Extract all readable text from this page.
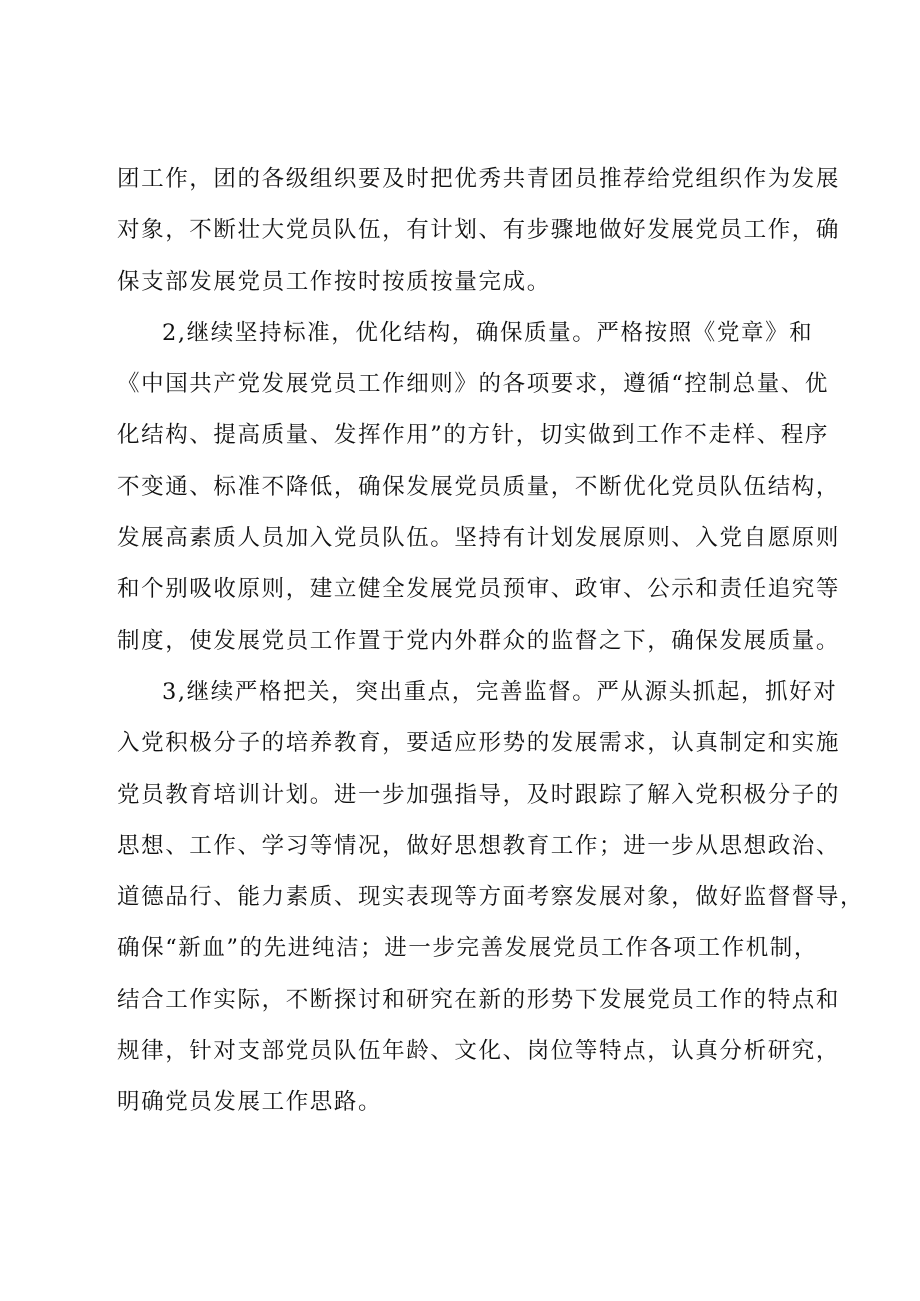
团工作，团的各级组织要及时把优秀共青团员推荐给党组织作为发展
对象，不断壮大党员队伍，有计划、有步骤地做好发展党员工作，确
保支部发展党员工作按时按质按量完成。
2,继续坚持标准，优化结构，确保质量。严格按照《党章》和
《中国共产党发展党员工作细则》的各项要求，遵循“控制总量、优
化结构、提高质量、发挥作用”的方针，切实做到工作不走样、程序
不变通、标准不降低，确保发展党员质量，不断优化党员队伍结构，
发展高素质人员加入党员队伍。坚持有计划发展原则、入党自愿原则
和个别吸收原则，建立健全发展党员预审、政审、公示和责任追究等
制度，使发展党员工作置于党内外群众的监督之下，确保发展质量。
3,继续严格把关，突出重点，完善监督。严从源头抓起，抓好对
入党积极分子的培养教育，要适应形势的发展需求，认真制定和实施
党员教育培训计划。进一步加强指导，及时跟踪了解入党积极分子的
思想、工作、学习等情况，做好思想教育工作；进一步从思想政治、
道德品行、能力素质、现实表现等方面考察发展对象，做好监督督导，
确保“新血”的先进纯洁；进一步完善发展党员工作各项工作机制，
结合工作实际，不断探讨和研究在新的形势下发展党员工作的特点和
规律，针对支部党员队伍年龄、文化、岗位等特点，认真分析研究，
明确党员发展工作思路。
